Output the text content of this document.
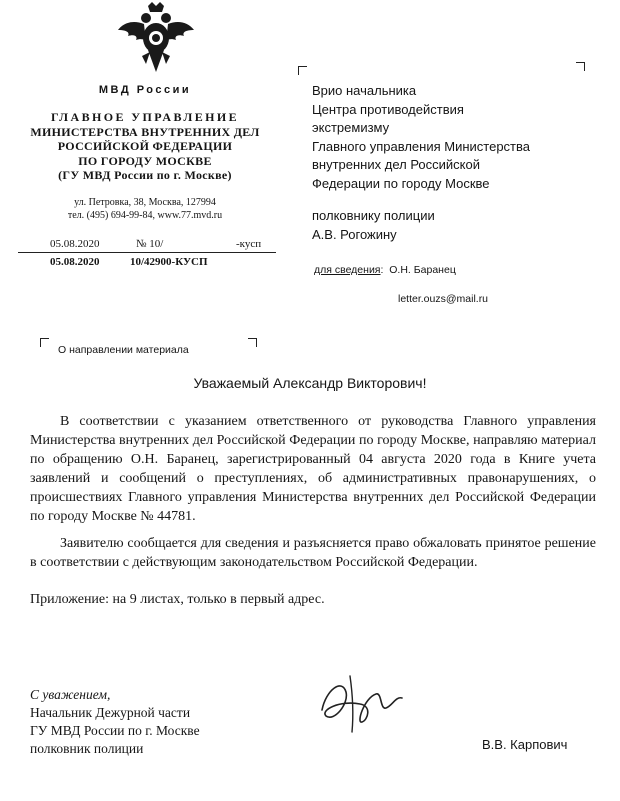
МВД России
ГЛАВНОЕ УПРАВЛЕНИЕ
МИНИСТЕРСТВА ВНУТРЕННИХ ДЕЛ
РОССИЙСКОЙ ФЕДЕРАЦИИ
ПО ГОРОДУ МОСКВЕ
(ГУ МВД России по г. Москве)
ул. Петровка, 38, Москва, 127994
тел. (495) 694-99-84, www.77.mvd.ru
05.08.2020	№ 10/	-кусп
05.08.2020	10/42900-КУСП
Врио начальника
Центра противодействия
экстремизму
Главного управления Министерства
внутренних дел Российской
Федерации по городу Москве
полковнику полиции
А.В. Рогожину
для сведения: О.Н. Баранец
letter.ouzs@mail.ru
О направлении материала
Уважаемый Александр Викторович!

В соответствии с указанием ответственного от руководства Главного управления Министерства внутренних дел Российской Федерации по городу Москве, направляю материал по обращению О.Н. Баранец, зарегистрированный 04 августа 2020 года в Книге учета заявлений и сообщений о преступлениях, об административных правонарушениях, о происшествиях Главного управления Министерства внутренних дел Российской Федерации по городу Москве № 44781.

Заявителю сообщается для сведения и разъясняется право обжаловать принятое решение в соответствии с действующим законодательством Российской Федерации.

Приложение: на 9 листах, только в первый адрес.

С уважением,
Начальник Дежурной части
ГУ МВД России по г. Москве
полковник полиции	В.В. Карпович
